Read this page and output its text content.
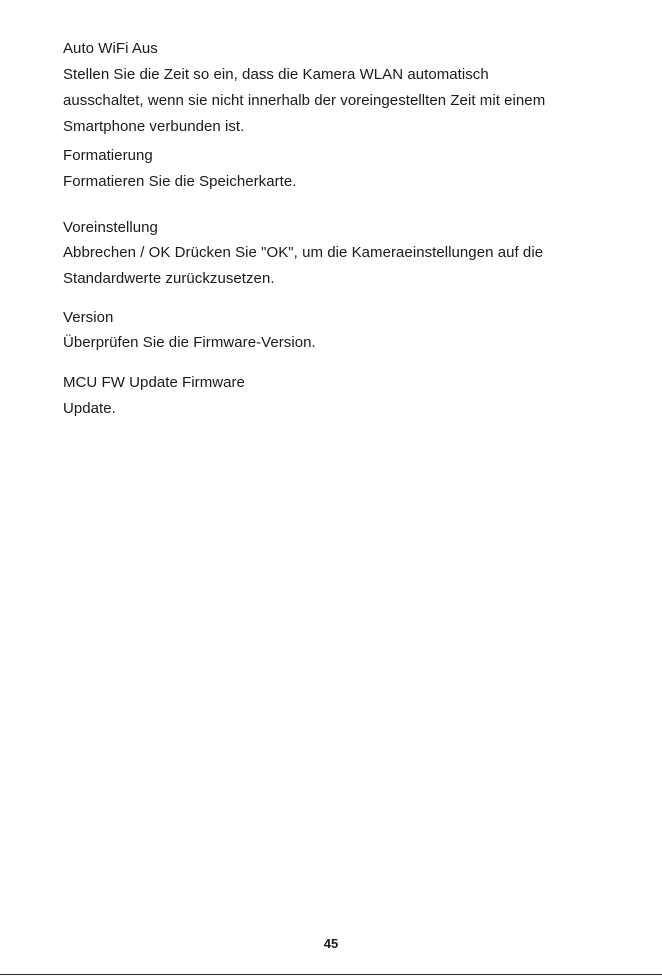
Auto WiFi Aus
Stellen Sie die Zeit so ein, dass die Kamera WLAN automatisch
ausschaltet, wenn sie nicht innerhalb der voreingestellten Zeit mit einem
Smartphone verbunden ist.
Formatierung
Formatieren Sie die Speicherkarte.
Voreinstellung
Abbrechen / OK Drücken Sie "OK", um die Kameraeinstellungen auf die
Standardwerte zurückzusetzen.
Version
Überprüfen Sie die Firmware-Version.
MCU FW Update Firmware
Update.
45
